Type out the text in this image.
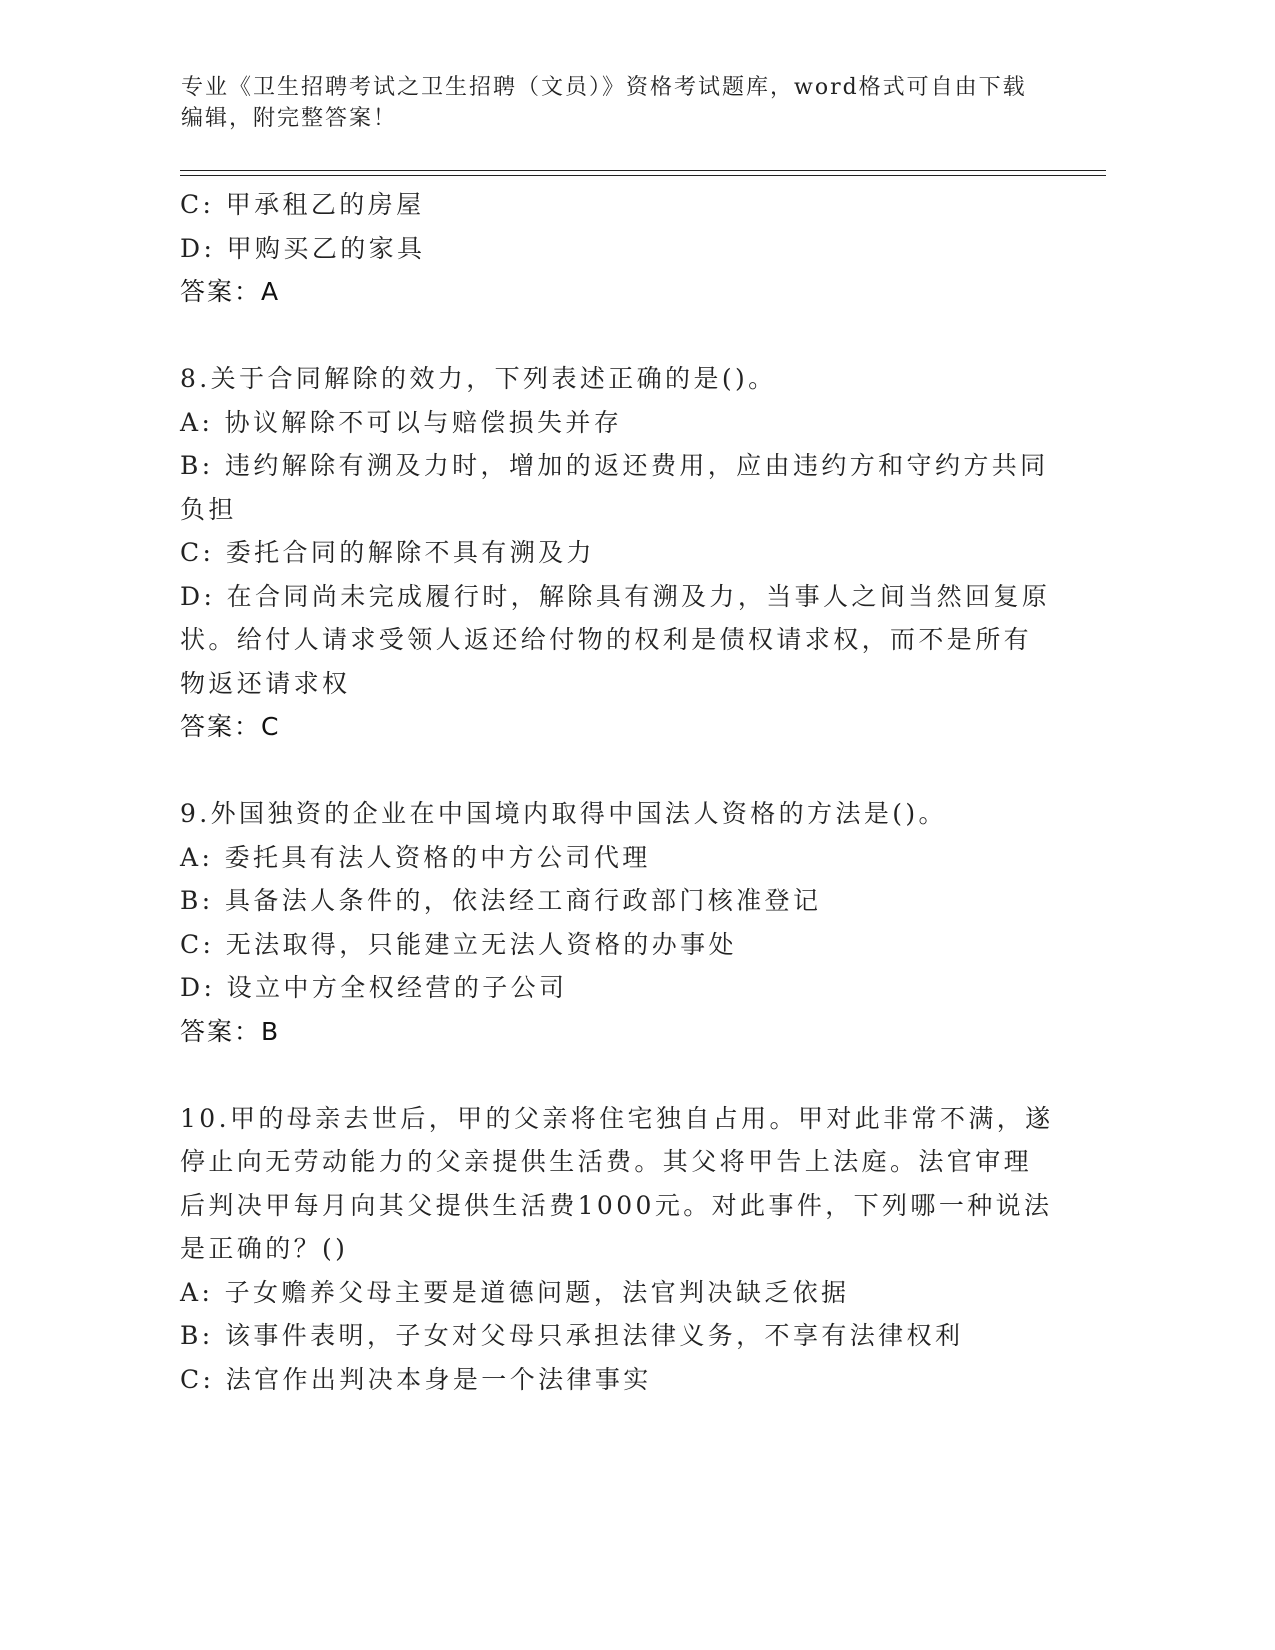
专业《卫生招聘考试之卫生招聘（文员）》资格考试题库，word格式可自由下载
编辑，附完整答案！
C: 甲承租乙的房屋
D: 甲购买乙的家具
答案：A
8.关于合同解除的效力，下列表述正确的是()。
A: 协议解除不可以与赔偿损失并存
B: 违约解除有溯及力时，增加的返还费用，应由违约方和守约方共同
负担
C: 委托合同的解除不具有溯及力
D: 在合同尚未完成履行时，解除具有溯及力，当事人之间当然回复原
状。给付人请求受领人返还给付物的权利是债权请求权，而不是所有
物返还请求权
答案：C
9.外国独资的企业在中国境内取得中国法人资格的方法是()。
A: 委托具有法人资格的中方公司代理
B: 具备法人条件的，依法经工商行政部门核准登记
C: 无法取得，只能建立无法人资格的办事处
D: 设立中方全权经营的子公司
答案：B
10.甲的母亲去世后，甲的父亲将住宅独自占用。甲对此非常不满，遂
停止向无劳动能力的父亲提供生活费。其父将甲告上法庭。法官审理
后判决甲每月向其父提供生活费1000元。对此事件，下列哪一种说法
是正确的？()
A: 子女赡养父母主要是道德问题，法官判决缺乏依据
B: 该事件表明，子女对父母只承担法律义务，不享有法律权利
C: 法官作出判决本身是一个法律事实
